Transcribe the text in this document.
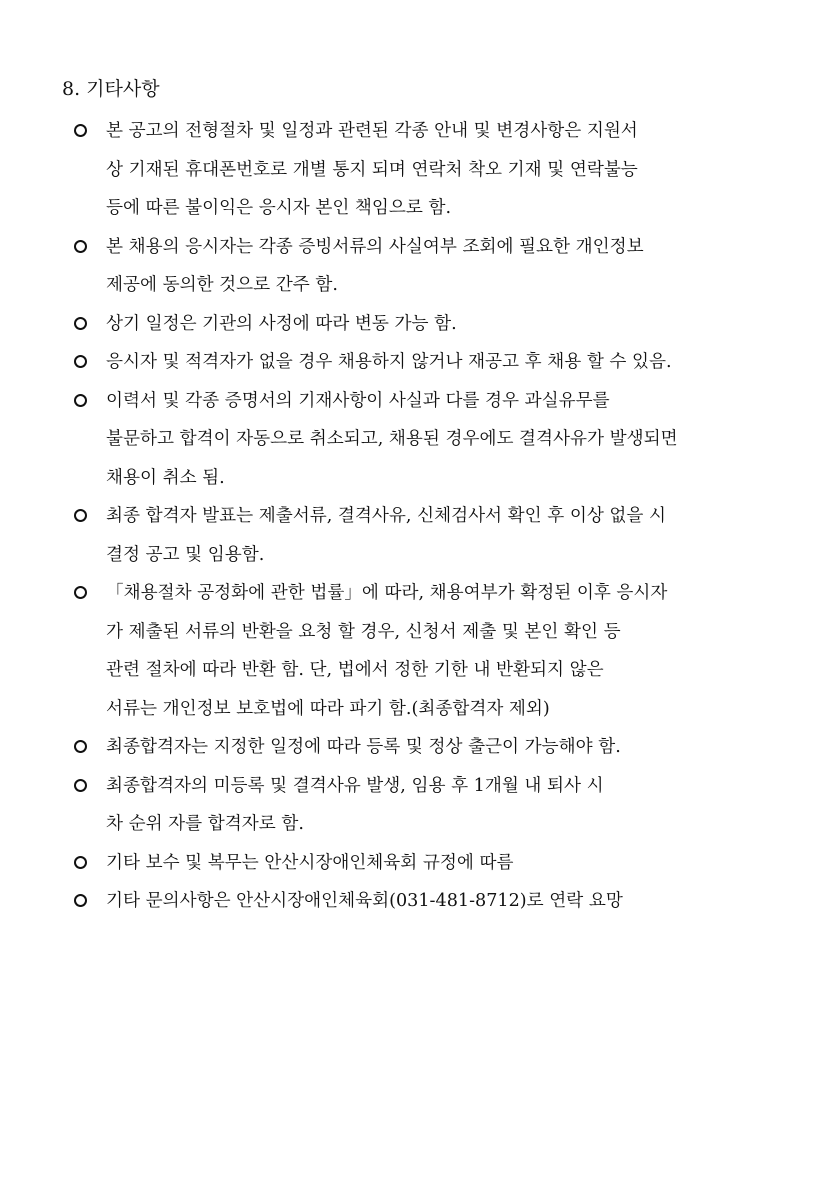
8. 기타사항
본 공고의 전형절차 및 일정과 관련된 각종 안내 및 변경사항은 지원서
상 기재된 휴대폰번호로 개별 통지 되며 연락처 착오 기재 및 연락불능
등에 따른 불이익은 응시자 본인 책임으로 함.
본 채용의 응시자는 각종 증빙서류의 사실여부 조회에 필요한 개인정보
제공에 동의한 것으로 간주 함.
상기 일정은 기관의 사정에 따라 변동 가능 함.
응시자 및 적격자가 없을 경우 채용하지 않거나 재공고 후 채용 할 수 있음.
이력서 및 각종 증명서의 기재사항이 사실과 다를 경우 과실유무를
불문하고 합격이 자동으로 취소되고, 채용된 경우에도 결격사유가 발생되면
채용이 취소 됨.
최종 합격자 발표는 제출서류, 결격사유, 신체검사서 확인 후 이상 없을 시
결정 공고 및 임용함.
「채용절차 공정화에 관한 법률」에 따라, 채용여부가 확정된 이후 응시자
가 제출된 서류의 반환을 요청 할 경우, 신청서 제출 및 본인 확인 등
관련 절차에 따라 반환 함. 단, 법에서 정한 기한 내 반환되지 않은
서류는 개인정보 보호법에 따라 파기 함.(최종합격자 제외)
최종합격자는 지정한 일정에 따라 등록 및 정상 출근이 가능해야 함.
최종합격자의 미등록 및 결격사유 발생, 임용 후 1개월 내 퇴사 시
차 순위 자를 합격자로 함.
기타 보수 및 복무는 안산시장애인체육회 규정에 따름
기타 문의사항은 안산시장애인체육회(031-481-8712)로 연락 요망
